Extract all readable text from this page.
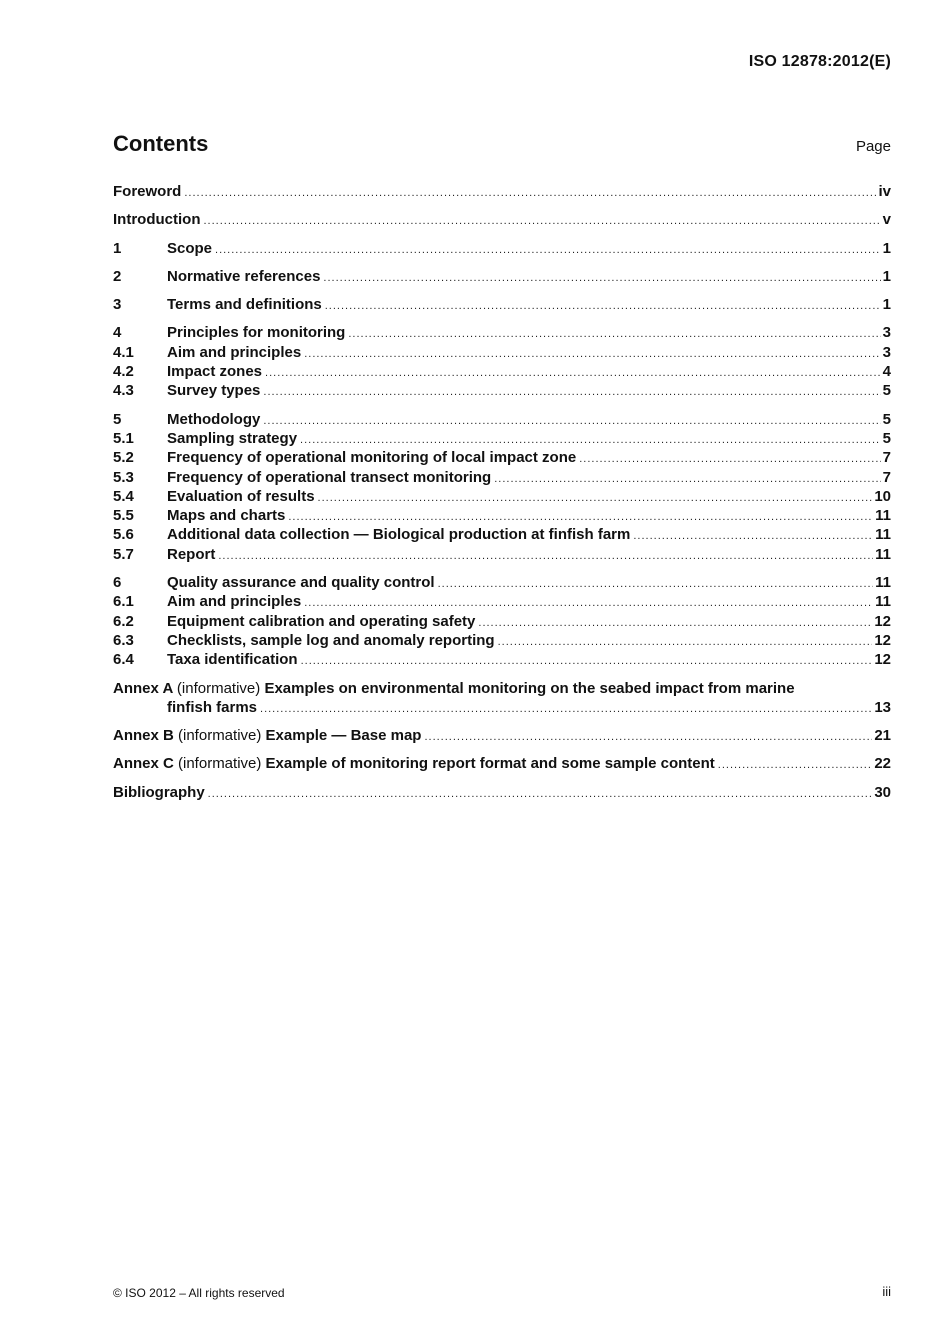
ISO 12878:2012(E)
Contents	Page
Foreword .....	iv
Introduction .....	v
1	Scope .....	1
2	Normative references .....	1
3	Terms and definitions .....	1
4	Principles for monitoring .....	3
4.1	Aim and principles .....	3
4.2	Impact zones .....	4
4.3	Survey types .....	5
5	Methodology .....	5
5.1	Sampling strategy .....	5
5.2	Frequency of operational monitoring of local impact zone .....	7
5.3	Frequency of operational transect monitoring .....	7
5.4	Evaluation of results .....	10
5.5	Maps and charts .....	11
5.6	Additional data collection — Biological production at finfish farm .....	11
5.7	Report .....	11
6	Quality assurance and quality control .....	11
6.1	Aim and principles .....	11
6.2	Equipment calibration and operating safety .....	12
6.3	Checklists, sample log and anomaly reporting .....	12
6.4	Taxa identification .....	12
Annex A (informative) Examples on environmental monitoring on the seabed impact from marine
finfish farms .....	13
Annex B (informative) Example — Base map .....	21
Annex C (informative) Example of monitoring report format and some sample content .....	22
Bibliography .....	30
© ISO 2012 – All rights reserved	iii
